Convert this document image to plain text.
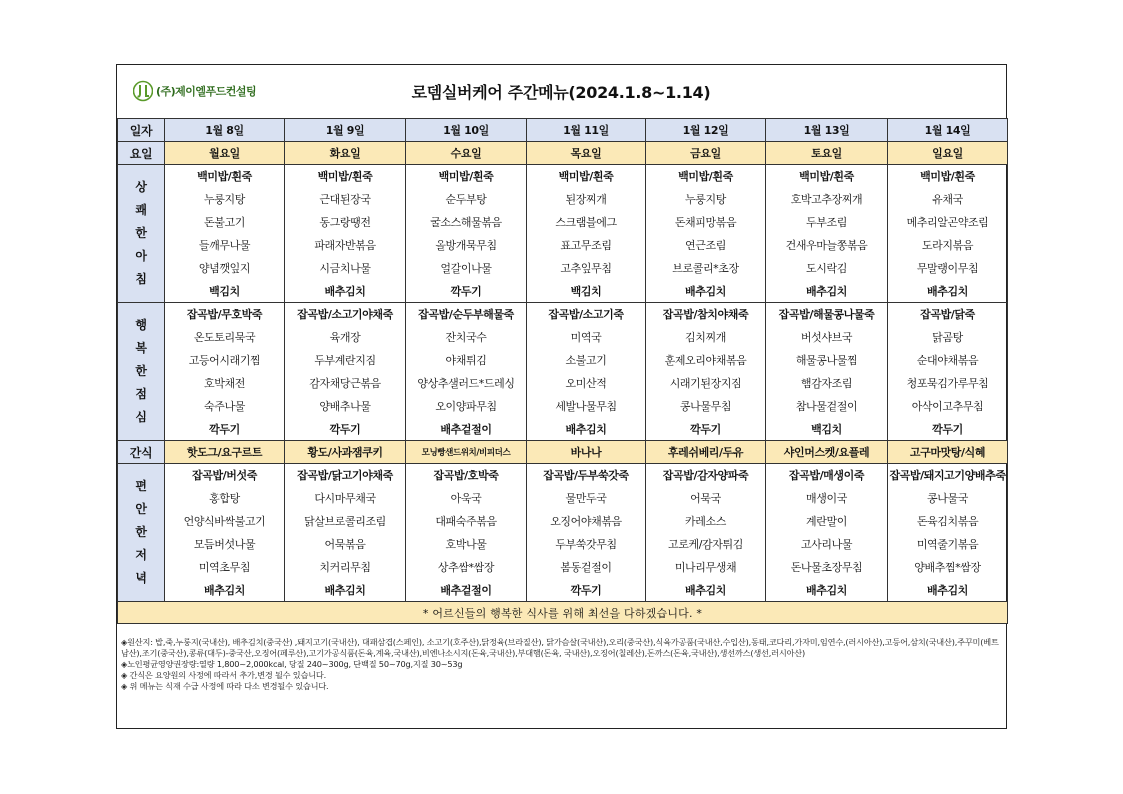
(주)제이엘푸드컨설팅	로뎀실버케어 주간메뉴(2024.1.8~1.14)
일자	1월 8일	1월 9일	1월 10일	1월 11일	1월 12일	1월 13일	1월 14일
요일	월요일	화요일	수요일	목요일	금요일	토요일	일요일

상
쾌
한
아
침	백미밥/흰죽	백미밥/흰죽	백미밥/흰죽	백미밥/흰죽	백미밥/흰죽	백미밥/흰죽	백미밥/흰죽
	누룽지탕	근대된장국	순두부탕	된장찌개	누룽지탕	호박고추장찌개	유채국
	돈불고기	동그랑땡전	굴소스해물볶음	스크램블에그	돈채피망볶음	두부조림	메추리알곤약조림
	들깨무나물	파래자반볶음	올방개묵무침	표고무조림	연근조림	건새우마늘쫑볶음	도라지볶음
	양념깻잎지	시금치나물	얼갈이나물	고추잎무침	브로콜리*초장	도시락김	무말랭이무침
	백김치	배추김치	깍두기	백김치	배추김치	배추김치	배추김치

행
복
한
점
심	잡곡밥/무호박죽	잡곡밥/소고기야채죽	잡곡밥/순두부해물죽	잡곡밥/소고기죽	잡곡밥/참치야채죽	잡곡밥/해물콩나물죽	잡곡밥/닭죽
	온도토리묵국	육개장	잔치국수	미역국	김치찌개	버섯샤브국	닭곰탕
	고등어시래기찜	두부계란지짐	야채튀김	소불고기	훈제오리야채볶음	해물콩나물찜	순대야채볶음
	호박채전	감자채당근볶음	양상추샐러드*드레싱	오미산적	시래기된장지짐	햄감자조림	청포묵김가루무침
	숙주나물	양배추나물	오이양파무침	세발나물무침	콩나물무침	참나물겉절이	아삭이고추무침
	깍두기	깍두기	배추겉절이	배추김치	깍두기	백김치	깍두기
간식	핫도그/요구르트	황도/사과잼쿠키	모닝빵샌드위치/비피더스	바나나	후레쉬베리/두유	샤인머스켓/요플레	고구마맛탕/식혜

편
안
한
저
녁	잡곡밥/버섯죽	잡곡밥/닭고기야채죽	잡곡밥/호박죽	잡곡밥/두부쑥갓죽	잡곡밥/감자양파죽	잡곡밥/매생이죽	잡곡밥/돼지고기양배추죽
	홍합탕	다시마무채국	아욱국	물만두국	어묵국	매생이국	콩나물국
	언양식바싹불고기	닭살브로콜리조림	대패숙주볶음	오징어야채볶음	카레소스	계란말이	돈육김치볶음
	모듬버섯나물	어묵볶음	호박나물	두부쑥갓무침	고로케/감자튀김	고사리나물	미역줄기볶음
	미역초무침	치커리무침	상추쌈*쌈장	봄동겉절이	미나리무생채	돈나물초장무침	양배추찜*쌈장
	배추김치	배추김치	배추겉절이	깍두기	배추김치	배추김치	배추김치
* 어르신들의 행복한 식사를 위해 최선을 다하겠습니다. *							

◈원산지: 밥,죽,누룽지(국내산), 배추김치(중국산) ,돼지고기(국내산), 대패삼겹(스페인), 소고기(호주산),닭정육(브라질산), 닭가슴살(국내산),오리(중국산),식육가공품(국내산,수입산),동태,코다리,가자미,임연수,(러시아산),고등어,삼치(국내산),주꾸미(베트남산),조기(중국산),콩류(대두)-중국산,오징어(페루산),고기가공식품(돈육,계육,국내산),비엔나소시지(돈육,국내산),부대햄(돈육, 국내산),오징어(칠레산),돈까스(돈육,국내산),생선까스(생선,러시아산)

◈노인평균영양권장량:열량 1,800~2,000kcal, 당질 240~300g, 단백질 50~70g,지질 30~53g

◈ 간식은 요양원의 사정에 따라서 추가,변경 될수 있습니다.

◈ 위 메뉴는 식재 수급 사정에 따라 다소 변경될수 있습니다.
